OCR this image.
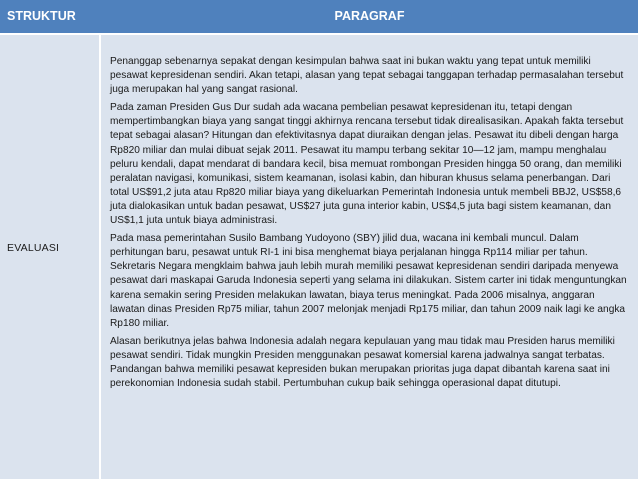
STRUKTUR	PARAGRAF
EVALUASI

Penanggap sebenarnya sepakat dengan kesimpulan bahwa saat ini bukan waktu yang tepat untuk memiliki pesawat kepresidenan sendiri. Akan tetapi, alasan yang tepat sebagai tanggapan terhadap permasalahan tersebut juga merupakan hal yang sangat rasional.

Pada zaman Presiden Gus Dur sudah ada wacana pembelian pesawat kepresidenan itu, tetapi dengan mempertimbangkan biaya yang sangat tinggi akhirnya rencana tersebut tidak direalisasikan. Apakah fakta tersebut tepat sebagai alasan? Hitungan dan efektivitasnya dapat diuraikan dengan jelas. Pesawat itu dibeli dengan harga Rp820 miliar dan mulai dibuat sejak 2011. Pesawat itu mampu terbang sekitar 10—12 jam, mampu menghalau peluru kendali, dapat mendarat di bandara kecil, bisa memuat rombongan Presiden hingga 50 orang, dan memiliki peralatan navigasi, komunikasi, sistem keamanan, isolasi kabin, dan hiburan khusus selama penerbangan. Dari total US$91,2 juta atau Rp820 miliar biaya yang dikeluarkan Pemerintah Indonesia untuk membeli BBJ2, US$58,6 juta dialokasikan untuk badan pesawat, US$27 juta guna interior kabin, US$4,5 juta bagi sistem keamanan, dan US$1,1 juta untuk biaya administrasi.

Pada masa pemerintahan Susilo Bambang Yudoyono (SBY) jilid dua, wacana ini kembali muncul. Dalam perhitungan baru, pesawat untuk RI-1 ini bisa menghemat biaya perjalanan hingga Rp114 miliar per tahun. Sekretaris Negara mengklaim bahwa jauh lebih murah memiliki pesawat kepresidenan sendiri daripada menyewa pesawat dari maskapai Garuda Indonesia seperti yang selama ini dilakukan. Sistem carter ini tidak menguntungkan karena semakin sering Presiden melakukan lawatan, biaya terus meningkat. Pada 2006 misalnya, anggaran lawatan dinas Presiden Rp75 miliar, tahun 2007 melonjak menjadi Rp175 miliar, dan tahun 2009 naik lagi ke angka Rp180 miliar.

Alasan berikutnya jelas bahwa Indonesia adalah negara kepulauan yang mau tidak mau Presiden harus memiliki pesawat sendiri. Tidak mungkin Presiden menggunakan pesawat komersial karena jadwalnya sangat terbatas. Pandangan bahwa memiliki pesawat kepresiden bukan merupakan prioritas juga dapat dibantah karena saat ini perekonomian Indonesia sudah stabil. Pertumbuhan cukup baik sehingga operasional dapat ditutupi.
